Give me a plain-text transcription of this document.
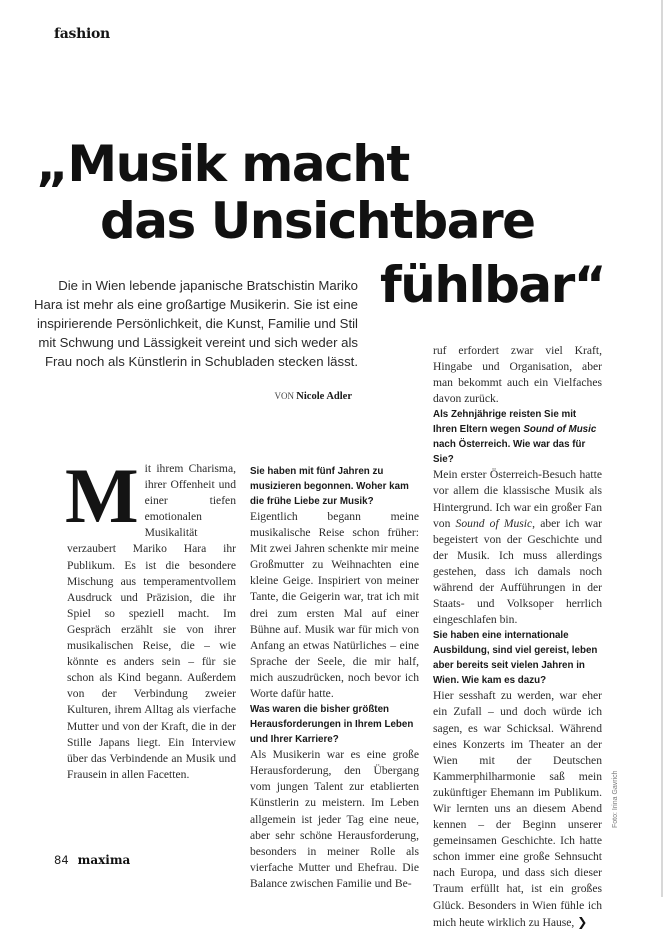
fashion
„Musik macht
das Unsichtbare
fühlbar“
Die in Wien lebende japanische Bratschistin Mariko Hara ist mehr als eine großartige Musikerin. Sie ist eine inspirierende Persönlichkeit, die Kunst, Familie und Stil mit Schwung und Lässigkeit vereint und sich weder als Frau noch als Künstlerin in Schubladen stecken lässt.
VON Nicole Adler
M it ihrem Charisma, ihrer Offenheit und einer tiefen emotionalen Musikalität verzaubert Mariko Hara ihr Publikum. Es ist die besondere Mischung aus temperamentvollem Ausdruck und Präzision, die ihr Spiel so speziell macht. Im Gespräch erzählt sie von ihrer musikalischen Reise, die – wie könnte es anders sein – für sie schon als Kind begann. Außerdem von der Verbindung zweier Kulturen, ihrem Alltag als vierfache Mutter und von der Kraft, die in der Stille Japans liegt. Ein Interview über das Verbindende an Musik und Frausein in allen Facetten.

Sie haben mit fünf Jahren zu musizieren begonnen. Woher kam die frühe Liebe zur Musik?

Eigentlich begann meine musikalische Reise schon früher: Mit zwei Jahren schenkte mir meine Großmutter zu Weihnachten eine kleine Geige. Inspiriert von meiner Tante, die Geigerin war, trat ich mit drei zum ersten Mal auf einer Bühne auf. Musik war für mich von Anfang an etwas Natürliches – eine Sprache der Seele, die mir half, mich auszudrücken, noch bevor ich Worte dafür hatte.

Was waren die bisher größten Herausforderungen in Ihrem Leben und Ihrer Karriere?

Als Musikerin war es eine große Herausforderung, den Übergang vom jungen Talent zur etablierten Künstlerin zu meistern. Im Leben allgemein ist jeder Tag eine neue, aber sehr schöne Herausforderung, besonders in meiner Rolle als vierfache Mutter und Ehefrau. Die Balance zwischen Familie und Be-

ruf erfordert zwar viel Kraft, Hingabe und Organisation, aber man bekommt auch ein Vielfaches davon zurück.

Als Zehnjährige reisten Sie mit Ihren Eltern wegen Sound of Music nach Österreich. Wie war das für Sie?

Mein erster Österreich-Besuch hatte vor allem die klassische Musik als Hintergrund. Ich war ein großer Fan von Sound of Music, aber ich war begeistert von der Geschichte und der Musik. Ich muss allerdings gestehen, dass ich damals noch während der Aufführungen in der Staats- und Volksoper herrlich eingeschlafen bin.

Sie haben eine internationale Ausbildung, sind viel gereist, leben aber bereits seit vielen Jahren in Wien. Wie kam es dazu?

Hier sesshaft zu werden, war eher ein Zufall – und doch würde ich sagen, es war Schicksal. Während eines Konzerts im Theater an der Wien mit der Deutschen Kammerphilharmonie saß mein zukünftiger Ehemann im Publikum. Wir lernten uns an diesem Abend kennen – der Beginn unserer gemeinsamen Geschichte. Ich hatte schon immer eine große Sehnsucht nach Europa, und dass sich dieser Traum erfüllt hat, ist ein großes Glück. Besonders in Wien fühle ich mich heute wirklich zu Hause, ❯

Foto: Irina Gavrich
84 maxima
